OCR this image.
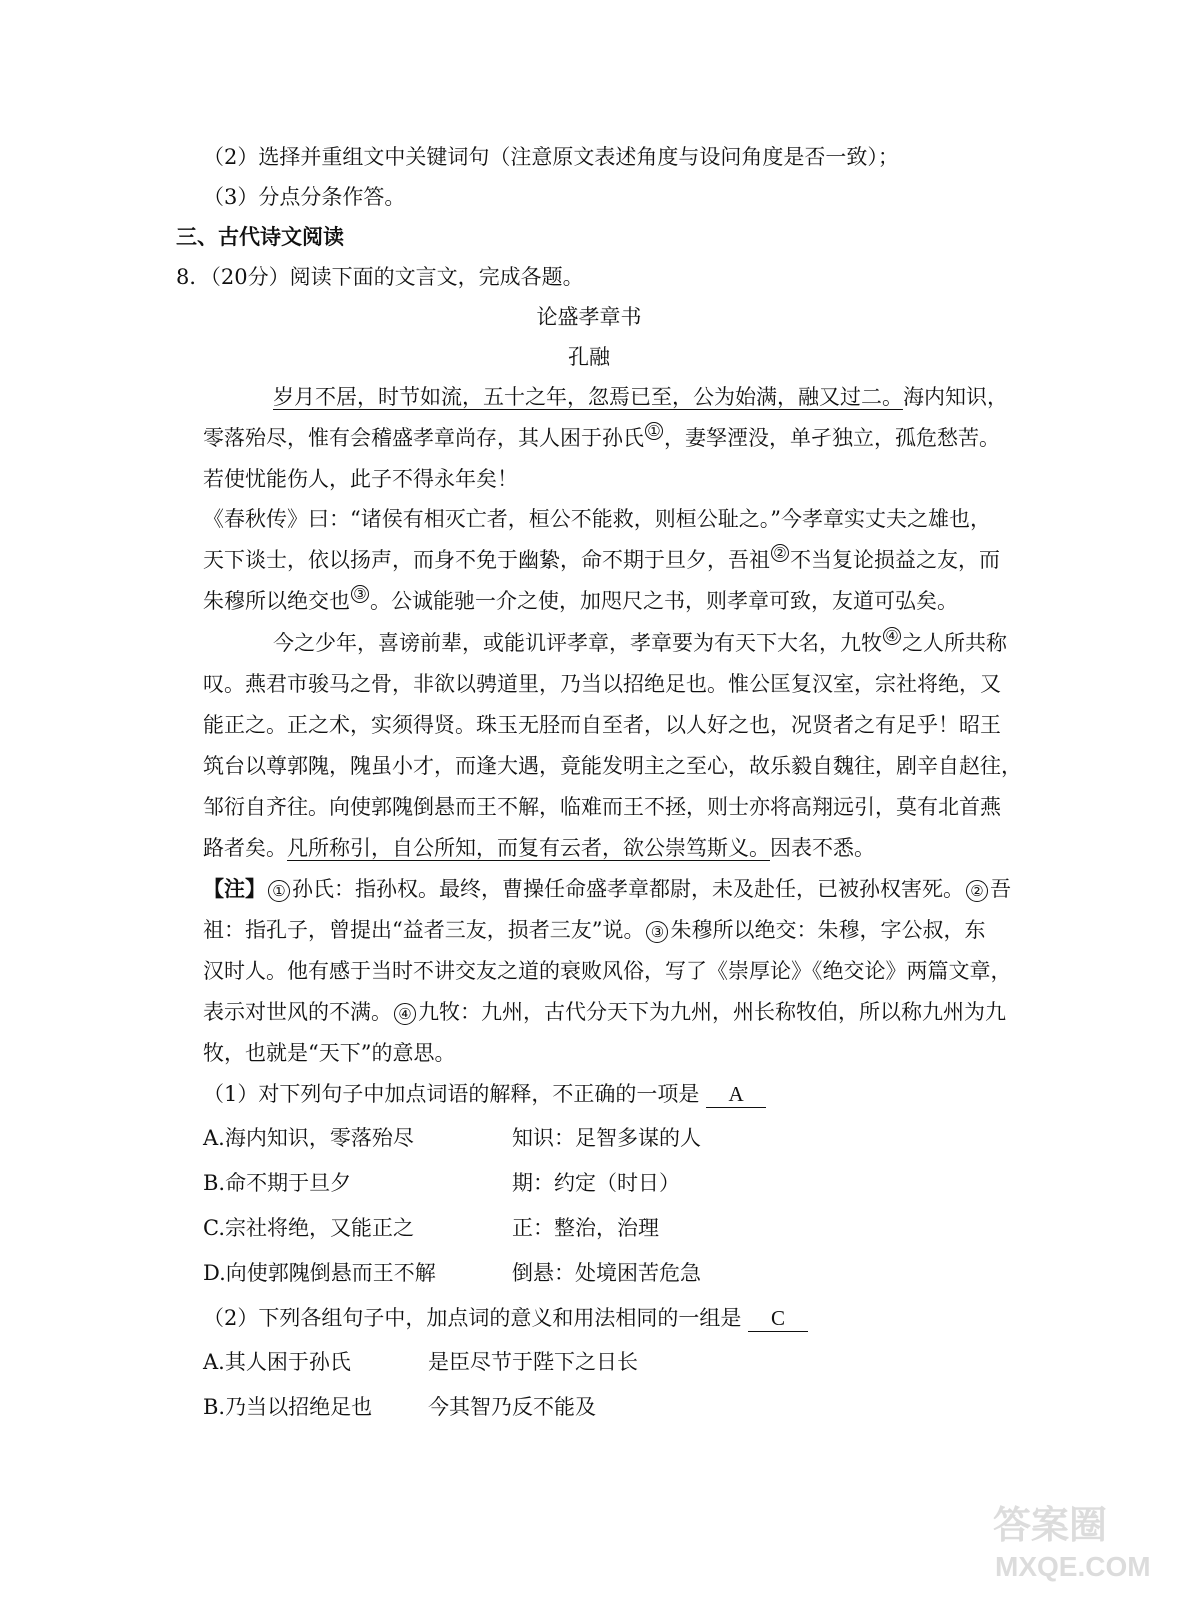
（2）选择并重组文中关键词句（注意原文表述角度与设问角度是否一致）；
（3）分点分条作答。
三、古代诗文阅读
8．（20分）阅读下面的文言文，完成各题。
论盛孝章书
孔融
岁月不居，时节如流，五十之年，忽焉已至，公为始满，融又过二。海内知识，
零落殆尽，惟有会稽盛孝章尚存，其人困于孙氏 ① ，妻孥湮没，单孑独立，孤危愁苦。
若使忧能伤人，此子不得永年矣！
《春秋传》曰：“诸侯有相灭亡者，桓公不能救，则桓公耻之。”今孝章实丈夫之雄也，
天下谈士，依以扬声，而身不免于幽絷，命不期于旦夕，吾祖 ② 不当复论损益之友，而
朱穆所以绝交也 ③ 。公诚能驰一介之使，加咫尺之书，则孝章可致，友道可弘矣。
今之少年，喜谤前辈，或能讥评孝章，孝章要为有天下大名，九牧 ④ 之人所共称
叹。燕君市骏马之骨，非欲以骋道里，乃当以招绝足也。惟公匡复汉室，宗社将绝，又
能正之。正之术，实须得贤。珠玉无胫而自至者，以人好之也，况贤者之有足乎！昭王
筑台以尊郭隗，隗虽小才，而逢大遇，竟能发明主之至心，故乐毅自魏往，剧辛自赵往，
邹衍自齐往。向使郭隗倒悬而王不解，临难而王不拯，则士亦将高翔远引，莫有北首燕
路者矣。凡所称引，自公所知，而复有云者，欲公崇笃斯义。因表不悉。
【注】 ① 孙氏：指孙权。最终，曹操任命盛孝章都尉，未及赴任，已被孙权害死。 ② 吾
祖：指孔子，曾提出“益者三友，损者三友”说。 ③ 朱穆所以绝交：朱穆，字公叔，东
汉时人。他有感于当时不讲交友之道的衰败风俗，写了《崇厚论》《绝交论》两篇文章，
表示对世风的不满。 ④ 九牧：九州，古代分天下为九州，州长称牧伯，所以称九州为九
牧，也就是“天下”的意思。
（1）对下列句子中加点词语的解释，不正确的一项是 A
A.海内知识，零落殆尽	知识：足智多谋的人
B.命不期于旦夕	期：约定（时日）
C.宗社将绝，又能正之	正：整治，治理
D.向使郭隗倒悬而王不解	倒悬：处境困苦危急
（2）下列各组句子中，加点词的意义和用法相同的一组是 C
A.其人困于孙氏	是臣尽节于陛下之日长
B.乃当以招绝足也	今其智乃反不能及
答案圈
MXQE.COM
